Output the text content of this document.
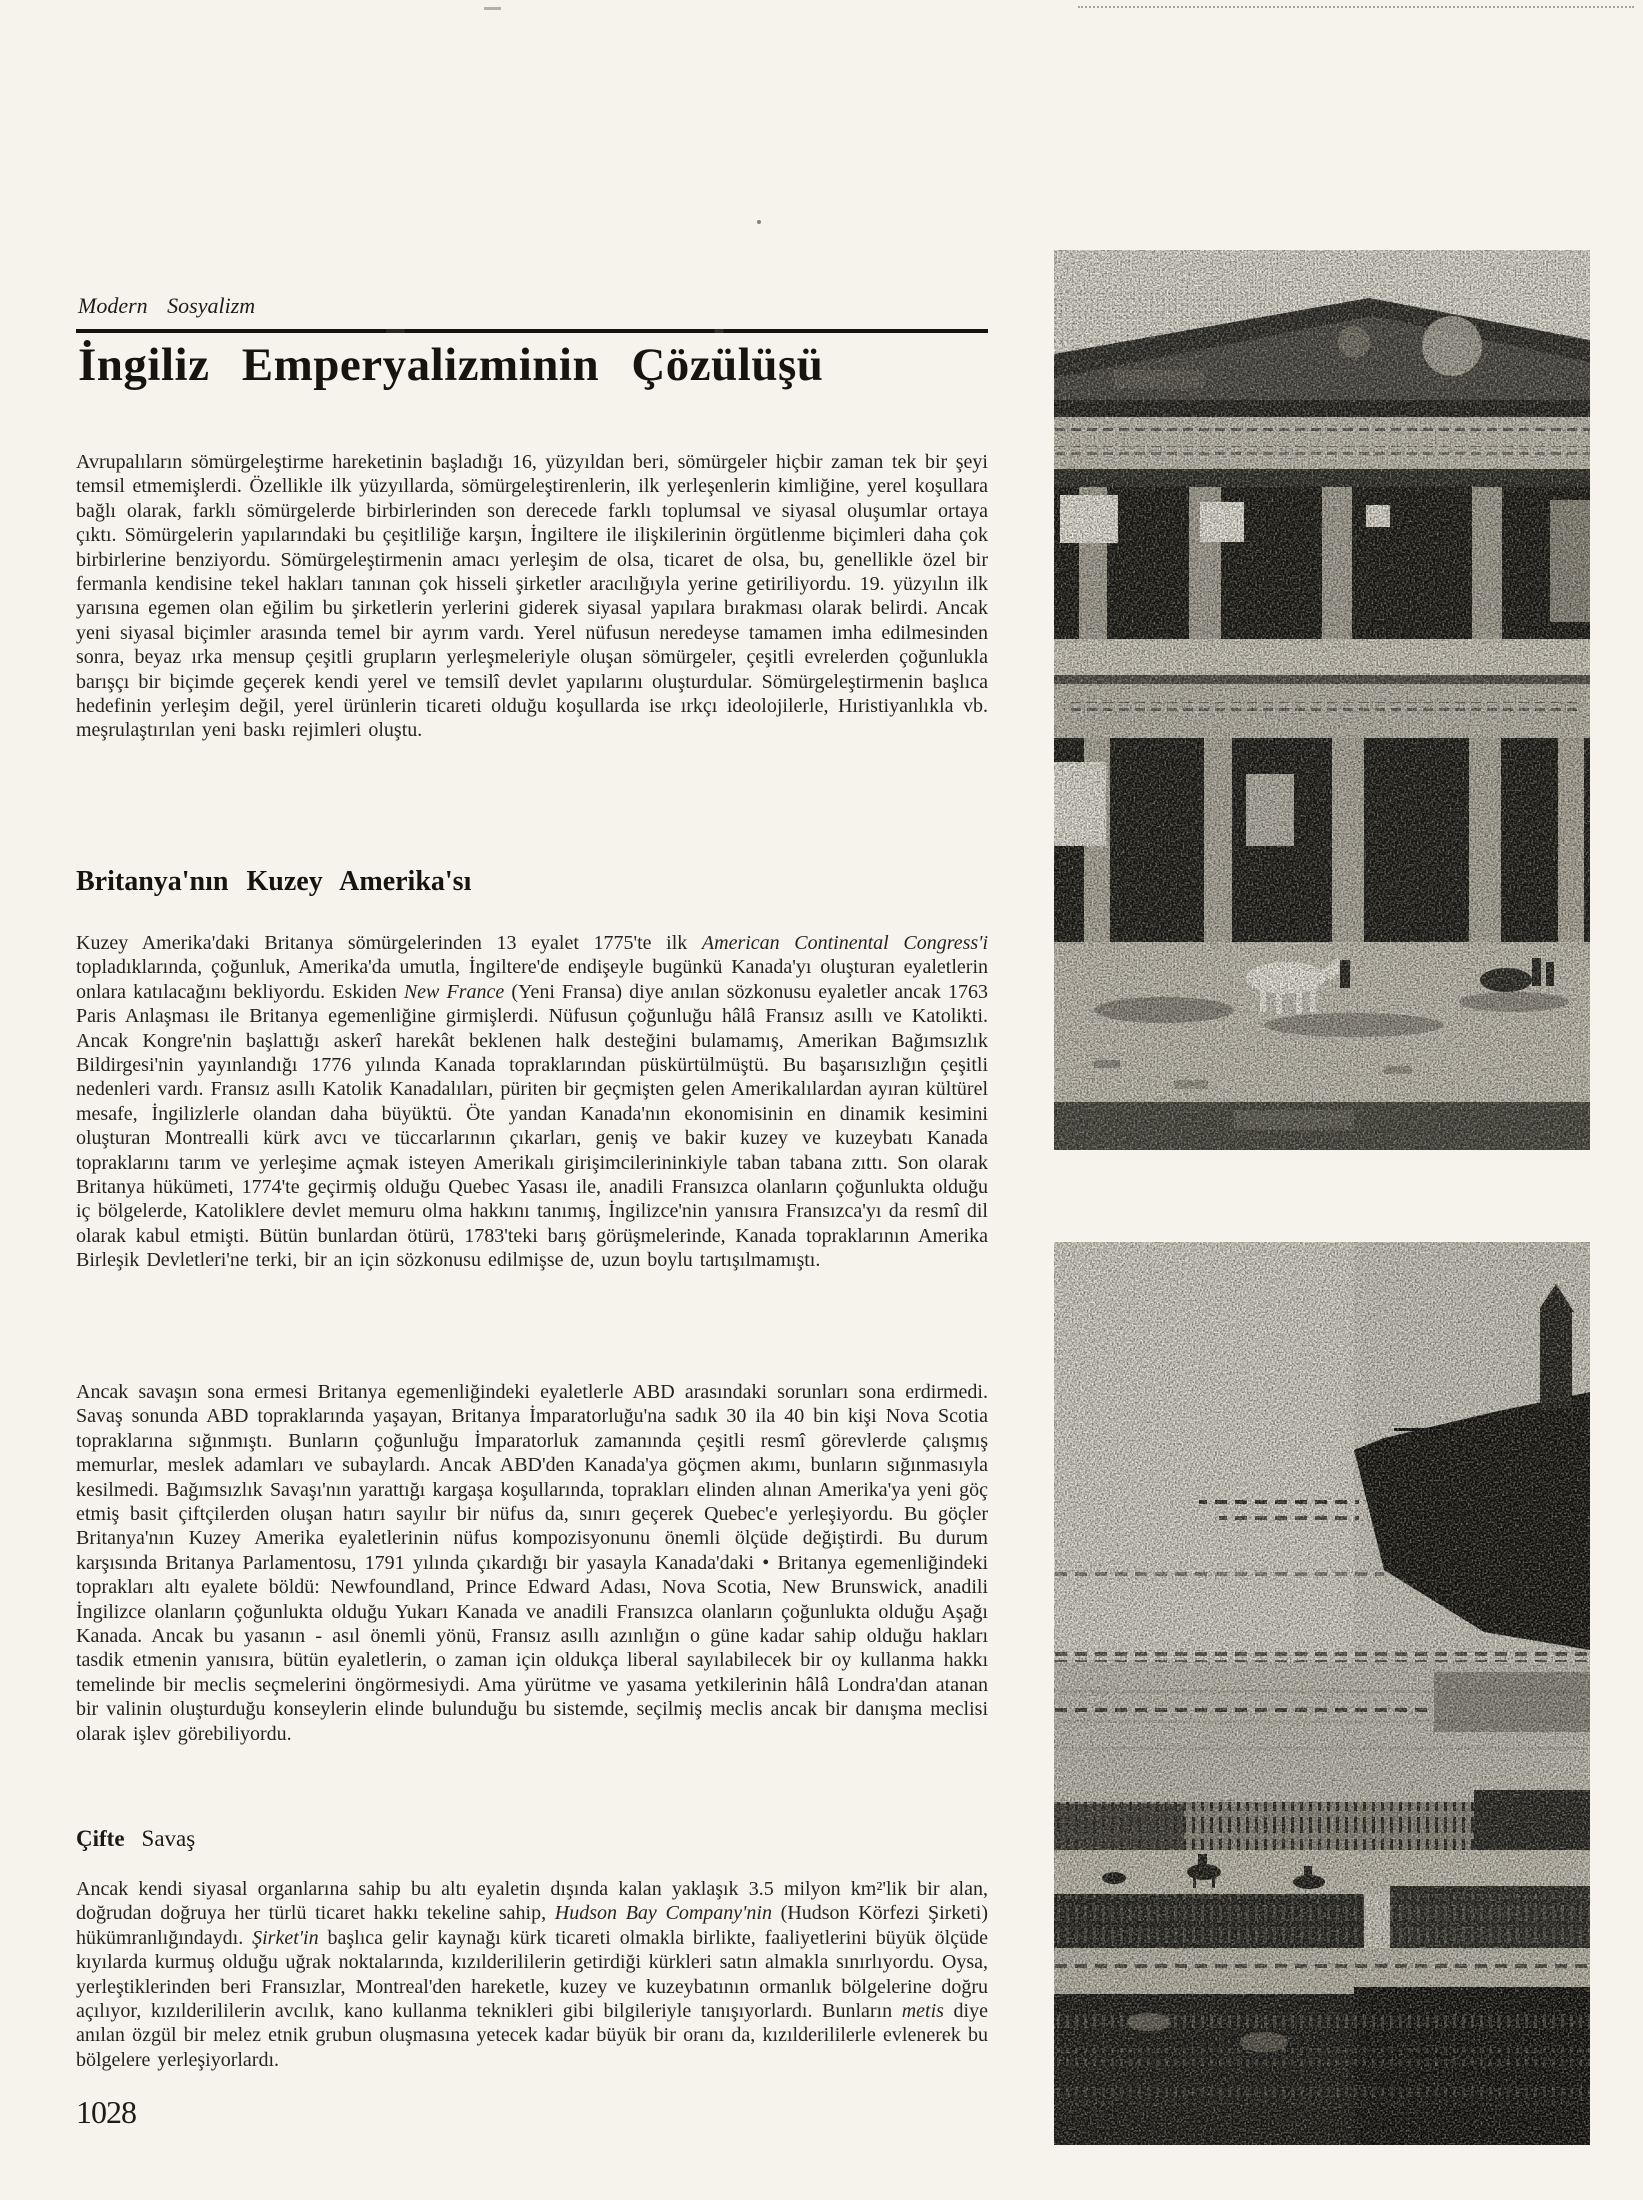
Modern Sosyalizm
İngiliz Emperyalizminin Çözülüşü

Avrupalıların sömürgeleştirme hareketinin başladığı 16, yüzyıldan beri, sömürgeler hiçbir zaman tek bir şeyi temsil etmemişlerdi. Özellikle ilk yüzyıllarda, sömürgeleştirenlerin, ilk yerleşenlerin kimliğine, yerel koşullara bağlı olarak, farklı sömürgelerde birbirlerinden son derecede farklı toplumsal ve siyasal oluşumlar ortaya çıktı. Sömürgelerin yapılarındaki bu çeşitliliğe karşın, İngiltere ile ilişkilerinin örgütlenme biçimleri daha çok birbirlerine benziyordu. Sömürgeleştirmenin amacı yerleşim de olsa, ticaret de olsa, bu, genellikle özel bir fermanla kendisine tekel hakları tanınan çok hisseli şirketler aracılığıyla yerine getiriliyordu. 19. yüzyılın ilk yarısına egemen olan eğilim bu şirketlerin yerlerini giderek siyasal yapılara bırakması olarak belirdi. Ancak yeni siyasal biçimler arasında temel bir ayrım vardı. Yerel nüfusun neredeyse tamamen imha edilmesinden sonra, beyaz ırka mensup çeşitli grupların yerleşmeleriyle oluşan sömürgeler, çeşitli evrelerden çoğunlukla barışçı bir biçimde geçerek kendi yerel ve temsilî devlet yapılarını oluşturdular. Sömürgeleştirmenin başlıca hedefinin yerleşim değil, yerel ürünlerin ticareti olduğu koşullarda ise ırkçı ideolojilerle, Hıristiyanlıkla vb. meşrulaştırılan yeni baskı rejimleri oluştu.

Britanya'nın Kuzey Amerika'sı

Kuzey Amerika'daki Britanya sömürgelerinden 13 eyalet 1775'te ilk American Continental Congress'i topladıklarında, çoğunluk, Amerika'da umutla, İngiltere'de endişeyle bugünkü Kanada'yı oluşturan eyaletlerin onlara katılacağını bekliyordu. Eskiden New France (Yeni Fransa) diye anılan sözkonusu eyaletler ancak 1763 Paris Anlaşması ile Britanya egemenliğine girmişlerdi. Nüfusun çoğunluğu hâlâ Fransız asıllı ve Katolikti. Ancak Kongre'nin başlattığı askerî harekât beklenen halk desteğini bulamamış, Amerikan Bağımsızlık Bildirgesi'nin yayınlandığı 1776 yılında Kanada topraklarından püskürtülmüştü. Bu başarısızlığın çeşitli nedenleri vardı. Fransız asıllı Katolik Kanadalıları, püriten bir geçmişten gelen Amerikalılardan ayıran kültürel mesafe, İngilizlerle olandan daha büyüktü. Öte yandan Kanada'nın ekonomisinin en dinamik kesimini oluşturan Montrealli kürk avcı ve tüccarlarının çıkarları, geniş ve bakir kuzey ve kuzeybatı Kanada topraklarını tarım ve yerleşime açmak isteyen Amerikalı girişimcilerininkiyle taban tabana zıttı. Son olarak Britanya hükümeti, 1774'te geçirmiş olduğu Quebec Yasası ile, anadili Fransızca olanların çoğunlukta olduğu iç bölgelerde, Katoliklere devlet memuru olma hakkını tanımış, İngilizce'nin yanısıra Fransızca'yı da resmî dil olarak kabul etmişti. Bütün bunlardan ötürü, 1783'teki barış görüşmelerinde, Kanada topraklarının Amerika Birleşik Devletleri'ne terki, bir an için sözkonusu edilmişse de, uzun boylu tartışılmamıştı.

Ancak savaşın sona ermesi Britanya egemenliğindeki eyaletlerle ABD arasındaki sorunları sona erdirmedi. Savaş sonunda ABD topraklarında yaşayan, Britanya İmparatorluğu'na sadık 30 ila 40 bin kişi Nova Scotia topraklarına sığınmıştı. Bunların çoğunluğu İmparatorluk zamanında çeşitli resmî görevlerde çalışmış memurlar, meslek adamları ve subaylardı. Ancak ABD'den Kanada'ya göçmen akımı, bunların sığınmasıyla kesilmedi. Bağımsızlık Savaşı'nın yarattığı kargaşa koşullarında, toprakları elinden alınan Amerika'ya yeni göç etmiş basit çiftçilerden oluşan hatırı sayılır bir nüfus da, sınırı geçerek Quebec'e yerleşiyordu. Bu göçler Britanya'nın Kuzey Amerika eyaletlerinin nüfus kompozisyonunu önemli ölçüde değiştirdi. Bu durum karşısında Britanya Parlamentosu, 1791 yılında çıkardığı bir yasayla Kanada'daki • Britanya egemenliğindeki toprakları altı eyalete böldü: Newfoundland, Prince Edward Adası, Nova Scotia, New Brunswick, anadili İngilizce olanların çoğunlukta olduğu Yukarı Kanada ve anadili Fransızca olanların çoğunlukta olduğu Aşağı Kanada. Ancak bu yasanın - asıl önemli yönü, Fransız asıllı azınlığın o güne kadar sahip olduğu hakları tasdik etmenin yanısıra, bütün eyaletlerin, o zaman için oldukça liberal sayılabilecek bir oy kullanma hakkı temelinde bir meclis seçmelerini öngörmesiydi. Ama yürütme ve yasama yetkilerinin hâlâ Londra'dan atanan bir valinin oluşturduğu konseylerin elinde bulunduğu bu sistemde, seçilmiş meclis ancak bir danışma meclisi olarak işlev görebiliyordu.

Çifte Savaş

Ancak kendi siyasal organlarına sahip bu altı eyaletin dışında kalan yaklaşık 3.5 milyon km²'lik bir alan, doğrudan doğruya her türlü ticaret hakkı tekeline sahip, Hudson Bay Company'nin (Hudson Körfezi Şirketi) hükümranlığındaydı. Şirket'in başlıca gelir kaynağı kürk ticareti olmakla birlikte, faaliyetlerini büyük ölçüde kıyılarda kurmuş olduğu uğrak noktalarında, kızılderililerin getirdiği kürkleri satın almakla sınırlıyordu. Oysa, yerleştiklerinden beri Fransızlar, Montreal'den hareketle, kuzey ve kuzeybatının ormanlık bölgelerine doğru açılıyor, kızılderililerin avcılık, kano kullanma teknikleri gibi bilgileriyle tanışıyorlardı. Bunların metis diye anılan özgül bir melez etnik grubun oluşmasına yetecek kadar büyük bir oranı da, kızılderililerle evlenerek bu bölgelere yerleşiyorlardı.

1028
